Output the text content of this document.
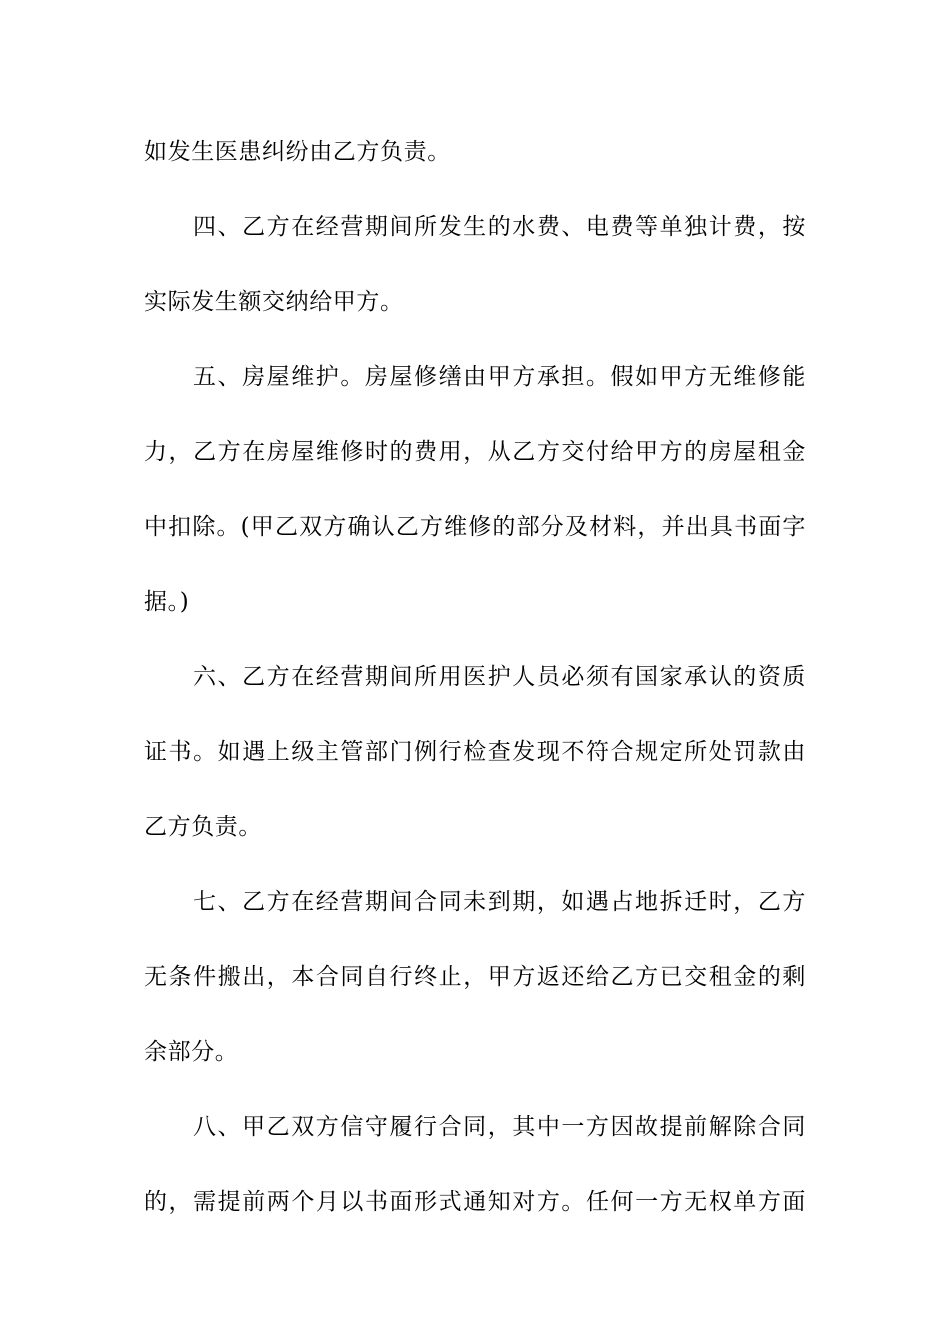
如发生医患纠纷由乙方负责。
四、乙方在经营期间所发生的水费、电费等单独计费，按
实际发生额交纳给甲方。
五、房屋维护。房屋修缮由甲方承担。假如甲方无维修能
力，乙方在房屋维修时的费用，从乙方交付给甲方的房屋租金
中扣除。(甲乙双方确认乙方维修的部分及材料，并出具书面字
据。)
六、乙方在经营期间所用医护人员必须有国家承认的资质
证书。如遇上级主管部门例行检查发现不符合规定所处罚款由
乙方负责。
七、乙方在经营期间合同未到期，如遇占地拆迁时，乙方
无条件搬出，本合同自行终止，甲方返还给乙方已交租金的剩
余部分。
八、甲乙双方信守履行合同，其中一方因故提前解除合同
的，需提前两个月以书面形式通知对方。任何一方无权单方面
